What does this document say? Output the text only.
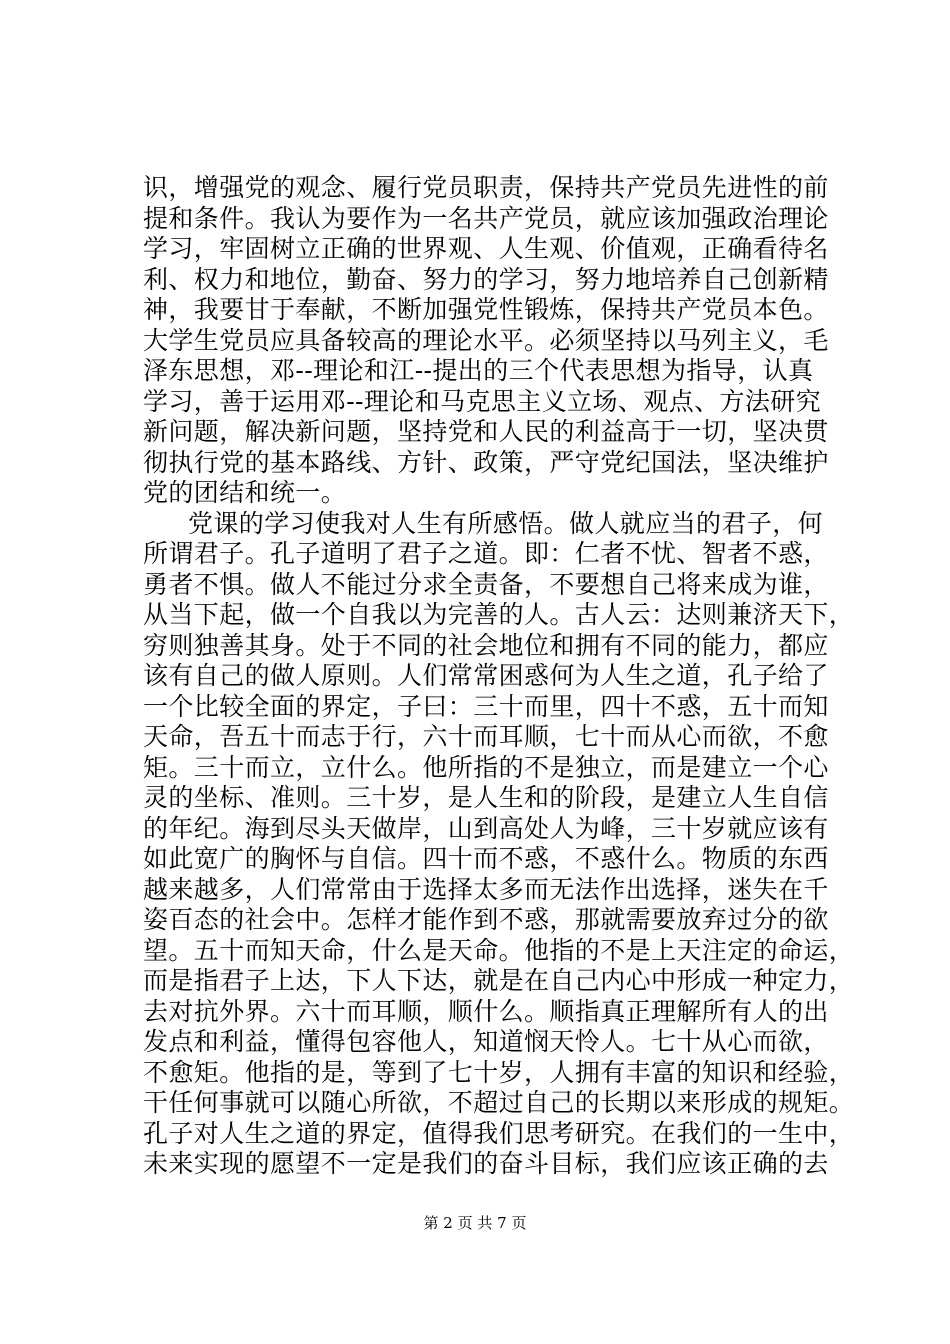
识，增强党的观念、履行党员职责，保持共产党员先进性的前
提和条件。我认为要作为一名共产党员，就应该加强政治理论
学习，牢固树立正确的世界观、人生观、价值观，正确看待名
利、权力和地位，勤奋、努力的学习，努力地培养自己创新精
神，我要甘于奉献，不断加强党性锻炼，保持共产党员本色。
大学生党员应具备较高的理论水平。必须坚持以马列主义，毛
泽东思想，邓--理论和江--提出的三个代表思想为指导，认真
学习，善于运用邓--理论和马克思主义立场、观点、方法研究
新问题，解决新问题，坚持党和人民的利益高于一切，坚决贯
彻执行党的基本路线、方针、政策，严守党纪国法，坚决维护
党的团结和统一。
党课的学习使我对人生有所感悟。做人就应当的君子，何
所谓君子。孔子道明了君子之道。即：仁者不忧、智者不惑，
勇者不惧。做人不能过分求全责备，不要想自己将来成为谁，
从当下起，做一个自我以为完善的人。古人云：达则兼济天下，
穷则独善其身。处于不同的社会地位和拥有不同的能力，都应
该有自己的做人原则。人们常常困惑何为人生之道，孔子给了
一个比较全面的界定，子曰：三十而里，四十不惑，五十而知
天命，吾五十而志于行，六十而耳顺，七十而从心而欲，不愈
矩。三十而立，立什么。他所指的不是独立，而是建立一个心
灵的坐标、准则。三十岁，是人生和的阶段，是建立人生自信
的年纪。海到尽头天做岸，山到高处人为峰，三十岁就应该有
如此宽广的胸怀与自信。四十而不惑，不惑什么。物质的东西
越来越多，人们常常由于选择太多而无法作出选择，迷失在千
姿百态的社会中。怎样才能作到不惑，那就需要放弃过分的欲
望。五十而知天命，什么是天命。他指的不是上天注定的命运，
而是指君子上达，下人下达，就是在自己内心中形成一种定力，
去对抗外界。六十而耳顺，顺什么。顺指真正理解所有人的出
发点和利益，懂得包容他人，知道悯天怜人。七十从心而欲，
不愈矩。他指的是，等到了七十岁，人拥有丰富的知识和经验，
干任何事就可以随心所欲，不超过自己的长期以来形成的规矩。
孔子对人生之道的界定，值得我们思考研究。在我们的一生中，
未来实现的愿望不一定是我们的奋斗目标，我们应该正确的去
第 2 页 共 7 页
